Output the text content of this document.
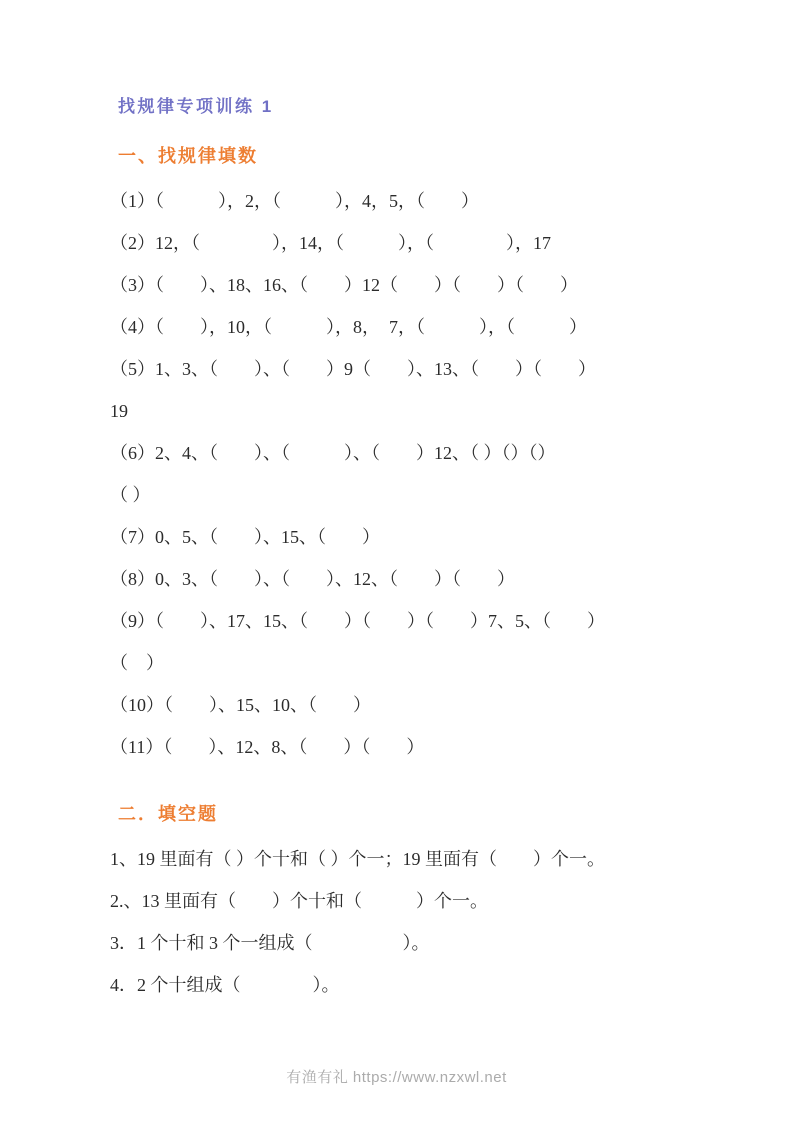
找规律专项训练 1
一、找规律填数
（1）（　　　），2，（　　　），4，5，（　　）
（2）12，（　　　　），14，（　　　），（　　　　），17
（3）（　　）、18、16、（　　）12（　　）（　　）（　　）
（4）（　　），10，（　　　），8，　7，（　　　），（　　　）
（5）1、3、（　　）、（　　）9（　　）、13、（　　）（　　）
19
（6）2、4、（　　）、（　　　）、（　　）12、（ ）（）（）
（ ）
（7）0、5、（　　）、15、（　　）
（8）0、3、（　　）、（　　）、12、（　　）（　　）
（9）（　　）、17、15、（　　）（　　）（　　）7、5、（　　）
（　）
（10）（　　）、15、10、（　　）
（11）（　　）、12、8、（　　）（　　）
二．填空题
1、19 里面有（ ）个十和（ ）个一；19 里面有（　　）个一。
2.、13 里面有（　　）个十和（　　　）个一。
3．1 个十和 3 个一组成（　　　　　）。
4．2 个十组成（　　　　）。
有渔有礼 https://www.nzxwl.net
